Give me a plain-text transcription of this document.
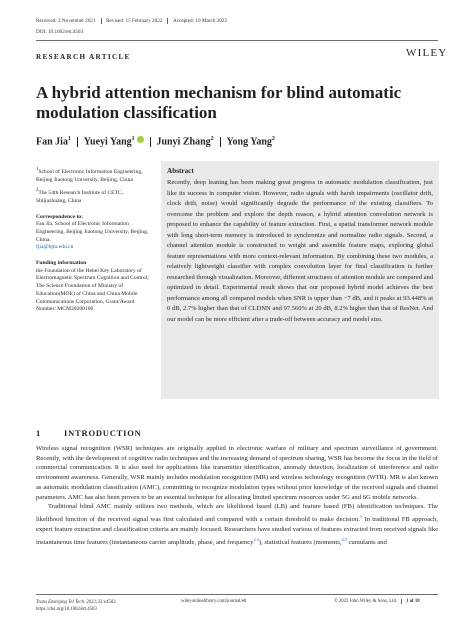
Received: 2 November 2021 Revised: 15 February 2022 Accepted: 10 March 2022
DOI: 10.1002/ett.4503
RESEARCH ARTICLE	WILEY
A hybrid attention mechanism for blind automatic modulation classification
Fan Jia$^1$ Yueyi Yang$^1$	Junyi Zhang$^2$ Yong Yang$^2$

$^1$School of Electronic Information Engineering, Beijing Jiaotong University, Beijing, China

$^2$The 54th Research Institute of CETC, Shijiazhuang, China

Correspondence to:

Fan Jia, School of Electronic Information Engineering, Beijing Jiaotong University, Beijing, China.
fjia@bjtu.edu.cn

Funding information

the Foundation of the Hebei Key Laboratory of Electromagnetic Spectrum Cognition and Control; The Science Foundation of Ministry of Education(MOE) of China and China Mobile Communications Corporation, Grant/Award Number: MCM20200106

Abstract
Recently, deep leaning has been making great progress in automatic modulation classification, just like its success in computer vision. However, radio signals with harsh impairments (oscillator drift, clock drift, noise) would significantly degrade the performance of the existing classifiers. To overcome the problem and explore the depth reason, a hybrid attention convolution network is proposed to enhance the capability of feature extraction. First, a spatial transformer network module with long short-term memory is introduced to synchronize and normalize radio signals. Second, a channel attention module is constructed to weight and assemble feature maps, exploring global feature representations with more context-relevant information. By combining these two modules, a relatively lightweight classifier with complex convolution layer for final classification is further researched through visualization. Moreover, different structures of attention module are compared and optimized in detail. Experimental result shows that our proposed hybrid model achieves the best performance among all compared models when SNR is upper than −7 dB, and it peaks at 93.448% at 0 dB, 2.7% higher than that of CLDNN and 97.560% at 20 dB, 8.2% higher than that of ResNet. And our model can be more efficient after a trade-off between accuracy and model size.
1	INTRODUCTION

Wireless signal recognition (WSR) techniques are originally applied in electronic warfare of military and spectrum surveillance of government. Recently, with the development of cognitive radio techniques and the increasing demand of spectrum sharing, WSR has become the focus in the field of commercial communication. It is also used for applications like transmitter identification, anomaly detection, localization of interference and radio environment awareness. Generally, WSR mainly includes modulation recognition (MR) and wireless technology recognition (WTR). MR is also known as automatic modulation classification (AMC), committing to recognize modulation types without prior knowledge of the received signals and channel parameters. AMC has also been proven to be an essential technique for allocating limited spectrum resources under 5G and 6G mobile networks.

Traditional blind AMC mainly utilizes two methods, which are likelihood based (LB) and feature based (FB) identification techniques. The likelihood function of the received signal was first calculated and compared with a certain threshold to make decision.$^1$ In traditional FB approach, expert feature extraction and classification criteria are mainly focused. Researchers have studied various of features extracted from received signals like instantaneous time features (instantaneous carrier amplitude, phase, and frequency$^{2,3}$), statistical features (moments,$^{4,5}$ cumulants and

Trans Emerging Tel Tech. 2022;33:e4503.
https://doi.org/10.1002/ett.4503
wileyonlinelibrary.com/journal/ett	© 2022 John Wiley & Sons, Ltd.	1 of 18
